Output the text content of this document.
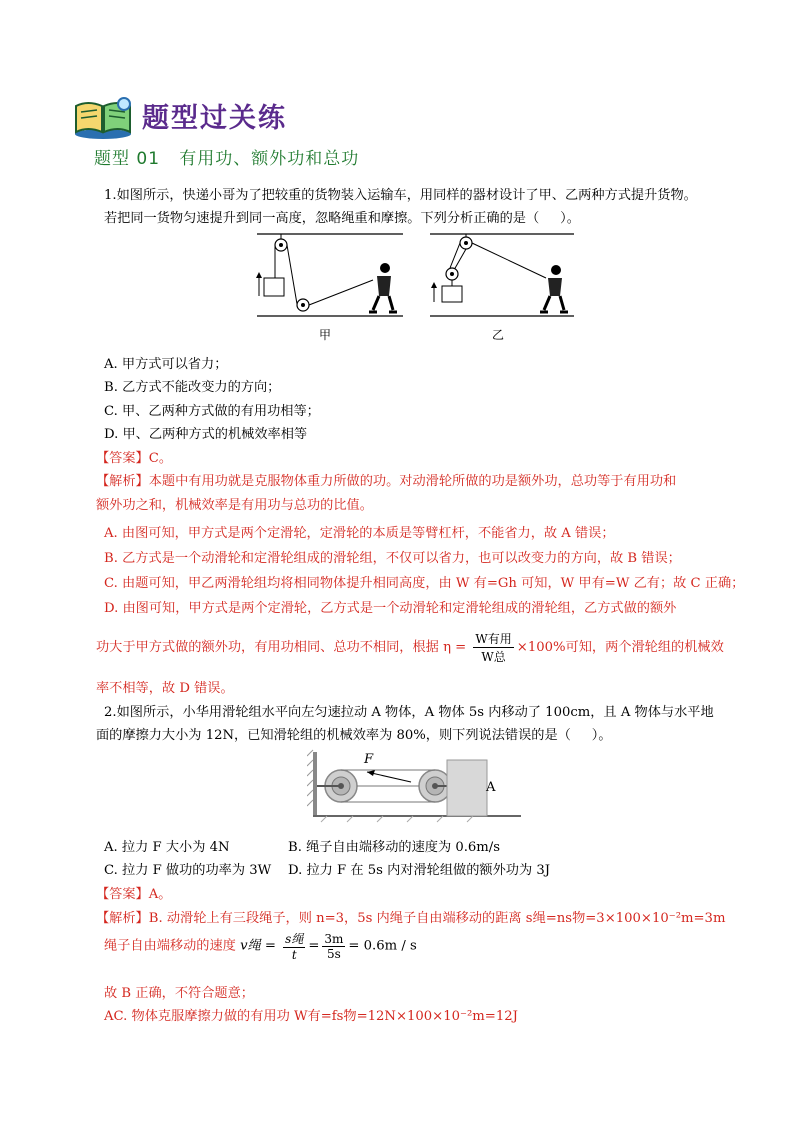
题型过关练
题型 01   有用功、额外功和总功
1.如图所示，快递小哥为了把较重的货物装入运输车，用同样的器材设计了甲、乙两种方式提升货物。
若把同一货物匀速提升到同一高度，忽略绳重和摩擦。下列分析正确的是（     ）。
甲	乙
A. 甲方式可以省力；
B. 乙方式不能改变力的方向；
C. 甲、乙两种方式做的有用功相等；
D. 甲、乙两种方式的机械效率相等
【答案】C。
【解析】本题中有用功就是克服物体重力所做的功。对动滑轮所做的功是额外功，总功等于有用功和
额外功之和，机械效率是有用功与总功的比值。
A. 由图可知，甲方式是两个定滑轮，定滑轮的本质是等臂杠杆，不能省力，故 A 错误；
B. 乙方式是一个动滑轮和定滑轮组成的滑轮组，不仅可以省力，也可以改变力的方向，故 B 错误；
C. 由题可知，甲乙两滑轮组均将相同物体提升相同高度，由 W 有=Gh 可知，W 甲有=W 乙有；故 C 正确；
D. 由图可知，甲方式是两个定滑轮，乙方式是一个动滑轮和定滑轮组成的滑轮组，乙方式做的额外
功大于甲方式做的额外功，有用功相同、总功不相同，根据 $\eta = \frac{\text{W有用}}{\text{W总}} \times 100\%$可知，两个滑轮组的机械效
率不相等，故 D 错误。
2.如图所示，小华用滑轮组水平向左匀速拉动 A 物体，A 物体 5s 内移动了 100cm，且 A 物体与水平地
面的摩擦力大小为 12N，已知滑轮组的机械效率为 80%，则下列说法错误的是（     ）。
F
A
A. 拉力 F 大小为 4N	B. 绳子自由端移动的速度为 0.6m/s
C. 拉力 F 做功的功率为 3W D. 拉力 F 在 5s 内对滑轮组做的额外功为 3J
【答案】A。
【解析】B. 动滑轮上有三段绳子，则 n=3，5s 内绳子自由端移动的距离 s绳=ns物=3×100×10⁻²m=3m
绳子自由端移动的速度 v绳 = $\frac{\text{s绳}}{t} = \frac{3m}{5s} = 0.6m / s$
故 B 正确，不符合题意；
AC. 物体克服摩擦力做的有用功 W有=fs物=12N×100×10⁻²m=12J
